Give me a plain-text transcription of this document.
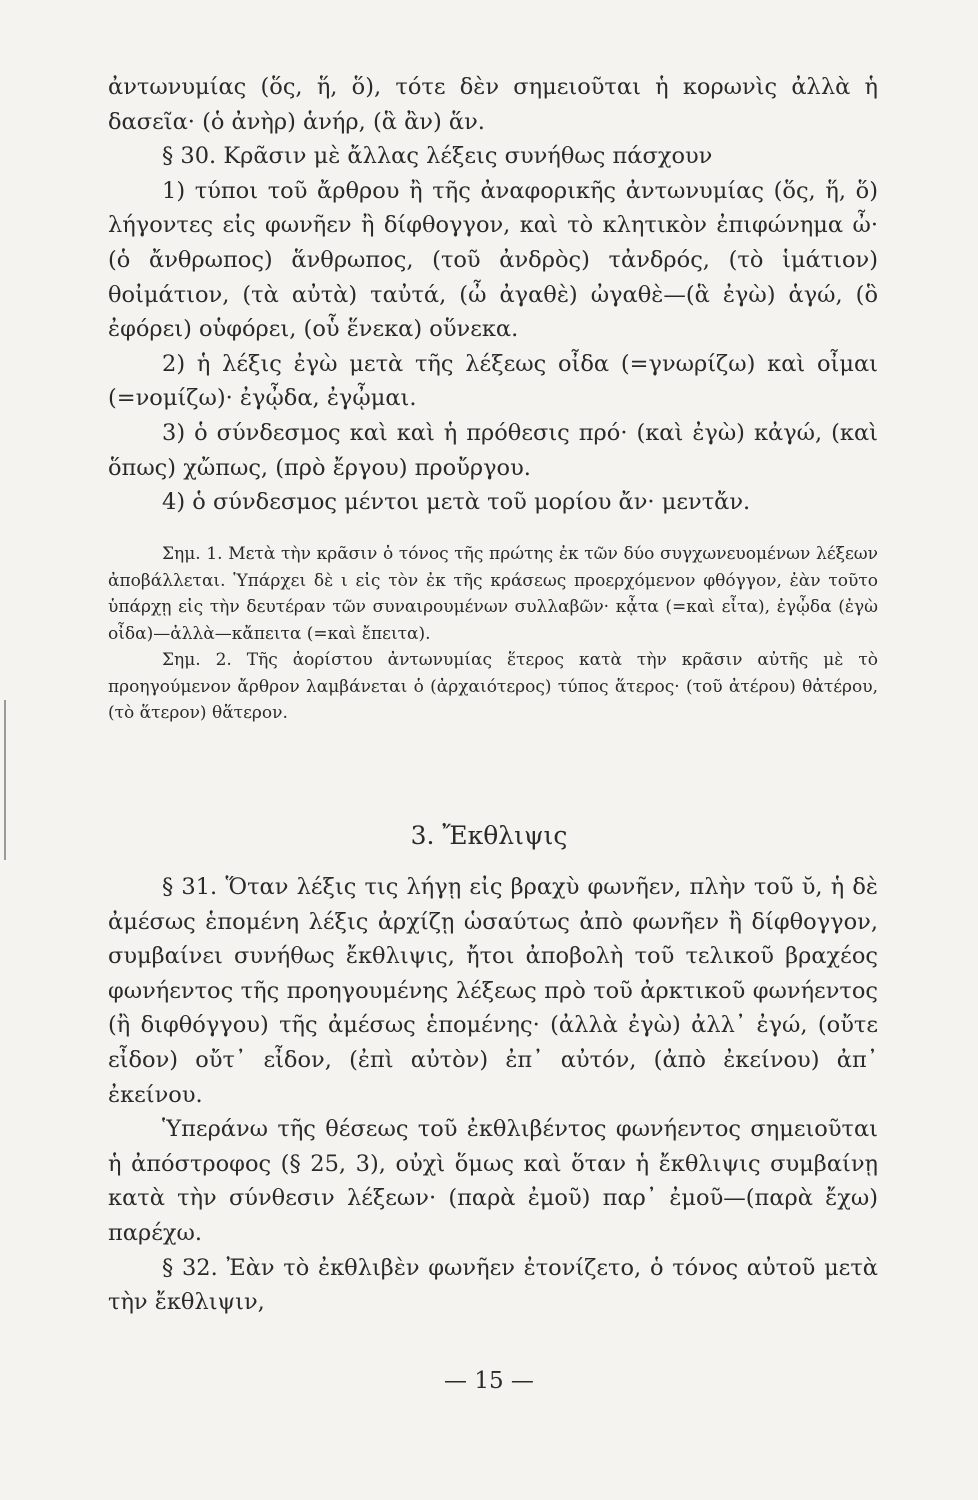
ἀντωνυμίας (ὅς, ἥ, ὅ), τότε δὲν σημειοῦται ἡ κορωνὶς ἀλλὰ ἡ δασεῖα· (ὁ ἀνὴρ) ἁνήρ, (ἃ ἂν) ἅν.

§ 30. Κρᾶσιν μὲ ἄλλας λέξεις συνήθως πάσχουν

1) τύποι τοῦ ἄρθρου ἢ τῆς ἀναφορικῆς ἀντωνυμίας (ὅς, ἥ, ὅ) λήγοντες εἰς φωνῆεν ἢ δίφθογγον, καὶ τὸ κλητικὸν ἐπιφώνημα ὦ· (ὁ ἄνθρωπος) ἅνθρωπος, (τοῦ ἀνδρὸς) τἀνδρός, (τὸ ἱμάτιον) θοἰμάτιον, (τὰ αὐτὰ) ταὐτά, (ὦ ἀγαθὲ) ὠγαθὲ—(ἃ ἐγὼ) ἁγώ, (ὃ ἐφόρει) οὑφόρει, (οὗ ἕνεκα) οὕνεκα.

2) ἡ λέξις ἐγὼ μετὰ τῆς λέξεως οἶδα (=γνωρίζω) καὶ οἶμαι (=νομίζω)· ἐγᾦδα, ἐγᾦμαι.

3) ὁ σύνδεσμος καὶ καὶ ἡ πρόθεσις πρό· (καὶ ἐγὼ) κἀγώ, (καὶ ὅπως) χὤπως, (πρὸ ἔργου) προὔργου.

4) ὁ σύνδεσμος μέντοι μετὰ τοῦ μορίου ἄν· μεντἄν.

Σημ. 1. Μετὰ τὴν κρᾶσιν ὁ τόνος τῆς πρώτης ἐκ τῶν δύο συγχωνευομένων λέξεων ἀποβάλλεται. Ὑπάρχει δὲ ι εἰς τὸν ἐκ τῆς κράσεως προερχόμενον φθόγγον, ἐὰν τοῦτο ὑπάρχῃ εἰς τὴν δευτέραν τῶν συναιρουμένων συλλαβῶν· κᾆτα (=καὶ εἶτα), ἐγᾦδα (ἐγὼ οἶδα)—ἀλλὰ—κἄπειτα (=καὶ ἔπειτα).

Σημ. 2. Τῆς ἀορίστου ἀντωνυμίας ἕτερος κατὰ τὴν κρᾶσιν αὐτῆς μὲ τὸ προηγούμενον ἄρθρον λαμβάνεται ὁ (ἀρχαιότερος) τύπος ἅτερος· (τοῦ ἀτέρου) θἀτέρου, (τὸ ἅτερον) θἅτερον.

3. Ἔκθλιψις

§ 31. Ὅταν λέξις τις λήγῃ εἰς βραχὺ φωνῆεν, πλὴν τοῦ ῠ, ἡ δὲ ἀμέσως ἑπομένη λέξις ἀρχίζῃ ὡσαύτως ἀπὸ φωνῆεν ἢ δίφθογγον, συμβαίνει συνήθως ἔκθλιψις, ἤτοι ἀποβολὴ τοῦ τελικοῦ βραχέος φωνήεντος τῆς προηγουμένης λέξεως πρὸ τοῦ ἀρκτικοῦ φωνήεντος (ἢ διφθόγγου) τῆς ἀμέσως ἑπομένης· (ἀλλὰ ἐγὼ) ἀλλ᾽ ἐγώ, (οὔτε εἶδον) οὔτ᾽ εἶδον, (ἐπὶ αὐτὸν) ἐπ᾽ αὐτόν, (ἀπὸ ἐκείνου) ἀπ᾽ ἐκείνου.

Ὑπεράνω τῆς θέσεως τοῦ ἐκθλιβέντος φωνήεντος σημειοῦται ἡ ἀπόστροφος (§ 25, 3), οὐχὶ ὅμως καὶ ὅταν ἡ ἔκθλιψις συμβαίνῃ κατὰ τὴν σύνθεσιν λέξεων· (παρὰ ἐμοῦ) παρ᾽ ἐμοῦ—(παρὰ ἔχω) παρέχω.

§ 32. Ἐὰν τὸ ἐκθλιβὲν φωνῆεν ἐτονίζετο, ὁ τόνος αὐτοῦ μετὰ τὴν ἔκθλιψιν,

— 15 —
